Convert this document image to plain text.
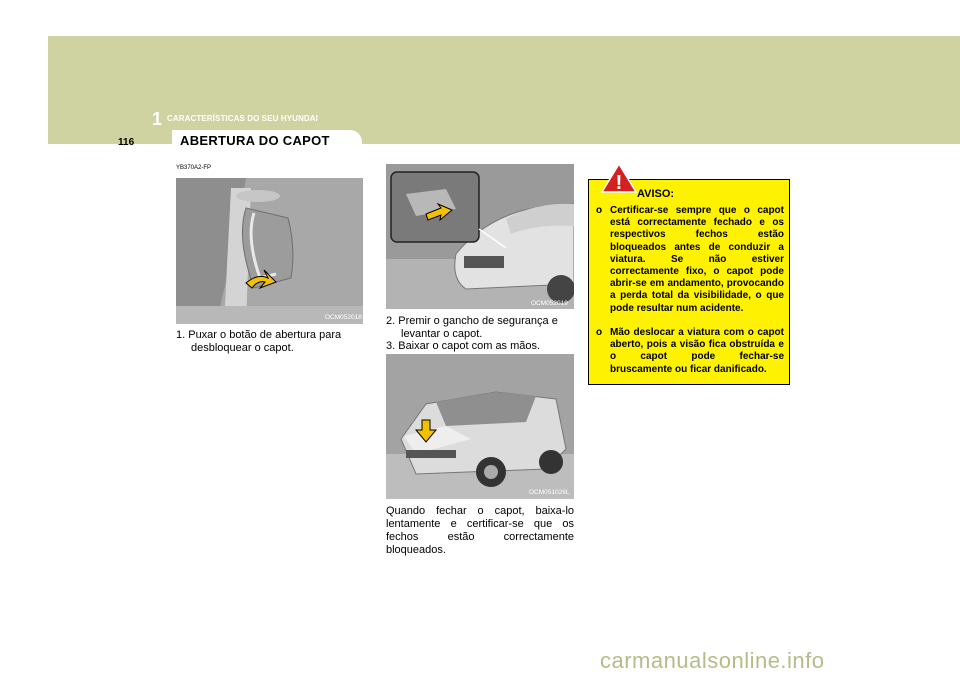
1 CARACTERÍSTICAS DO SEU HYUNDAI
116	ABERTURA DO CAPOT
YB370A2-FP
OCM052018
OCM052019
1. Puxar o botão de abertura para desbloquear o capot.
2. Premir o gancho de segurança e levantar o capot.
3. Baixar o capot com as mãos.
OCM051026L
Quando fechar o capot, baixa-lo lentamente e certificar-se que os fechos estão correctamente bloqueados.
! AVISO:
o Certificar-se sempre que o capot está correctamente fechado e os respectivos fechos estão bloqueados antes de conduzir a viatura. Se não estiver correctamente fixo, o capot pode abrir-se em andamento, provocando a perda total da visibilidade, o que pode resultar num acidente.
o Mão deslocar a viatura com o capot aberto, pois a visão fica obstruída e o capot pode fechar-se bruscamente ou ficar danificado.
carmanualsonline.info
